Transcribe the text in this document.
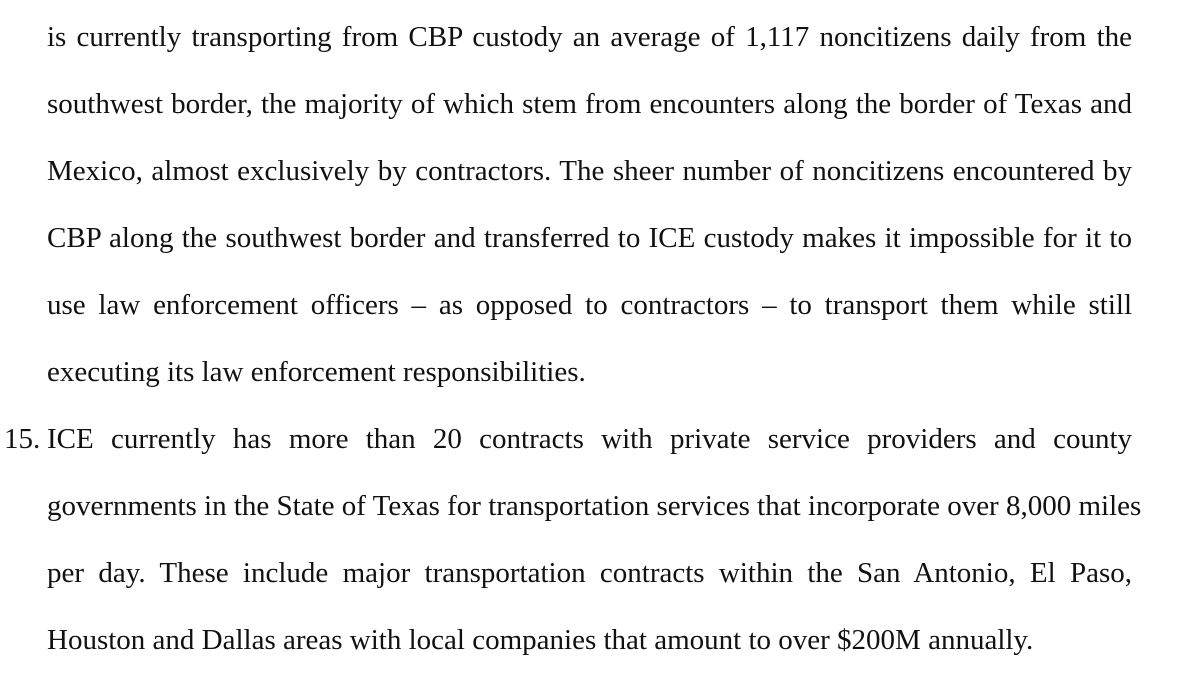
is currently transporting from CBP custody an average of 1,117 noncitizens daily from the
southwest border, the majority of which stem from encounters along the border of Texas and
Mexico, almost exclusively by contractors. The sheer number of noncitizens encountered by
CBP along the southwest border and transferred to ICE custody makes it impossible for it to
use law enforcement officers – as opposed to contractors – to transport them while still
executing its law enforcement responsibilities.
15. ICE currently has more than 20 contracts with private service providers and county
governments in the State of Texas for transportation services that incorporate over 8,000 miles
per day. These include major transportation contracts within the San Antonio, El Paso,
Houston and Dallas areas with local companies that amount to over $200M annually.
